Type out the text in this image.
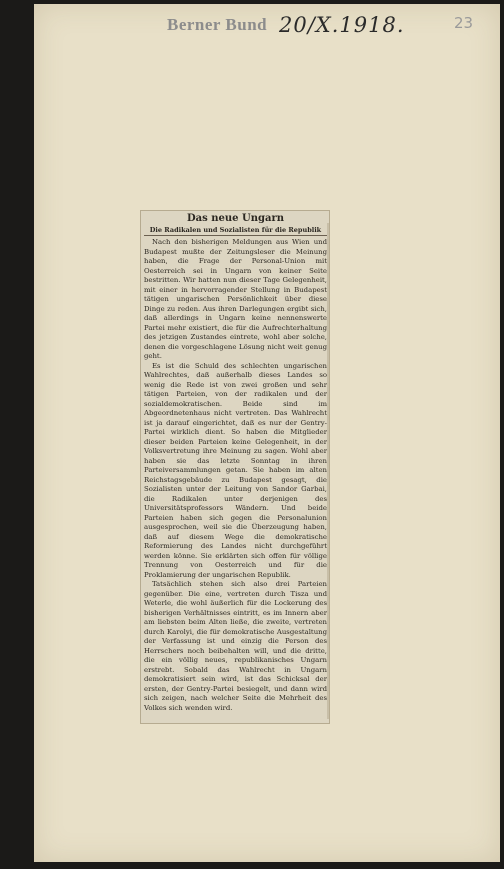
Berner Bund 20/X.1918.	23
Das neue Ungarn
Die Radikalen und Sozialisten für die Republik

Nach den bisherigen Meldungen aus Wien und Budapest mußte der Zeitungsleser die Meinung haben, die Frage der Personal-Union mit Oesterreich sei in Ungarn von keiner Seite bestritten. Wir hatten nun dieser Tage Gelegenheit, mit einer in hervorragender Stellung in Budapest tätigen ungarischen Persönlichkeit über diese Dinge zu reden. Aus ihren Darlegungen ergibt sich, daß allerdings in Ungarn keine nennenswerte Partei mehr existiert, die für die Aufrechterhaltung des jetzigen Zustandes eintrete, wohl aber solche, denen die vorgeschlagene Lösung nicht weit genug geht.

Es ist die Schuld des schlechten ungarischen Wahlrechtes, daß außerhalb dieses Landes so wenig die Rede ist von zwei großen und sehr tätigen Parteien, von der radikalen und der sozialdemokratischen. Beide sind im Abgeordnetenhaus nicht vertreten. Das Wahlrecht ist ja darauf eingerichtet, daß es nur der Gentry-Partei wirklich dient. So haben die Mitglieder dieser beiden Parteien keine Gelegenheit, in der Volksvertretung ihre Meinung zu sagen. Wohl aber haben sie das letzte Sonntag in ihren Parteiversammlungen getan. Sie haben im alten Reichstagsgebäude zu Budapest gesagt, die Sozialisten unter der Leitung von Sandor Garbai, die Radikalen unter derjenigen des Universitätsprofessors Wändern. Und beide Parteien haben sich gegen die Personalunion ausgesprochen, weil sie die Überzeugung haben, daß auf diesem Wege die demokratische Reformierung des Landes nicht durchgeführt werden könne. Sie erklärten sich offen für völlige Trennung von Oesterreich und für die Proklamierung der ungarischen Republik.

Tatsächlich stehen sich also drei Parteien gegenüber. Die eine, vertreten durch Tisza und Weterle, die wohl äußerlich für die Lockerung des bisherigen Verhältnisses eintritt, es im Innern aber am liebsten beim Alten ließe, die zweite, vertreten durch Karolyi, die für demokratische Ausgestaltung der Verfassung ist und einzig die Person des Herrschers noch beibehalten will, und die dritte, die ein völlig neues, republikanisches Ungarn erstrebt. Sobald das Wahlrecht in Ungarn demokratisiert sein wird, ist das Schicksal der ersten, der Gentry-Partei besiegelt, und dann wird sich zeigen, nach welcher Seite die Mehrheit des Volkes sich wenden wird.
